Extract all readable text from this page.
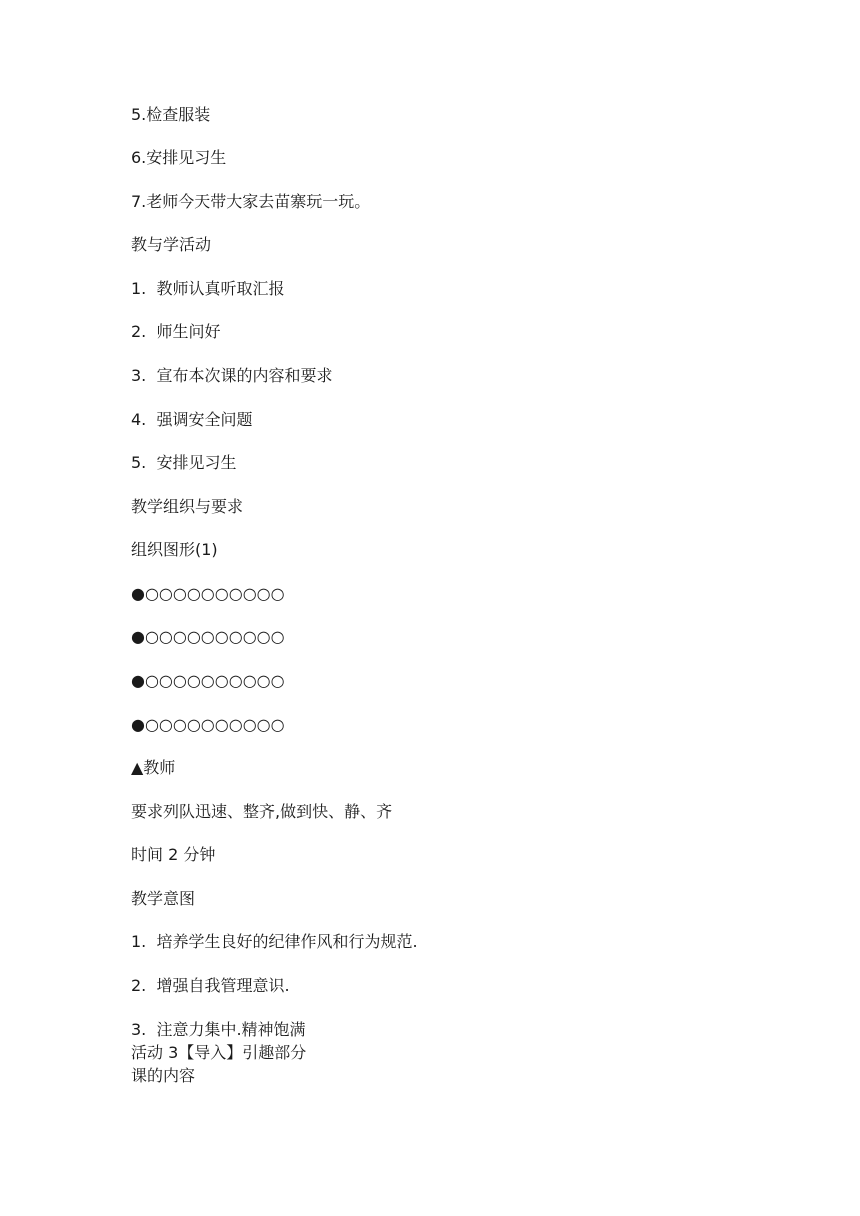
5.检查服装

6.安排见习生

7.老师今天带大家去苗寨玩一玩。

教与学活动

1.  教师认真听取汇报

2.  师生问好

3.  宣布本次课的内容和要求

4.  强调安全问题

5.  安排见习生

教学组织与要求

组织图形(1)

●○○○○○○○○○○

●○○○○○○○○○○

●○○○○○○○○○○

●○○○○○○○○○○

▲教师

要求列队迅速、整齐,做到快、静、齐

时间 2 分钟

教学意图

1.  培养学生良好的纪律作风和行为规范.

2.  增强自我管理意识.

3.  注意力集中.精神饱满

活动 3【导入】引趣部分

课的内容
